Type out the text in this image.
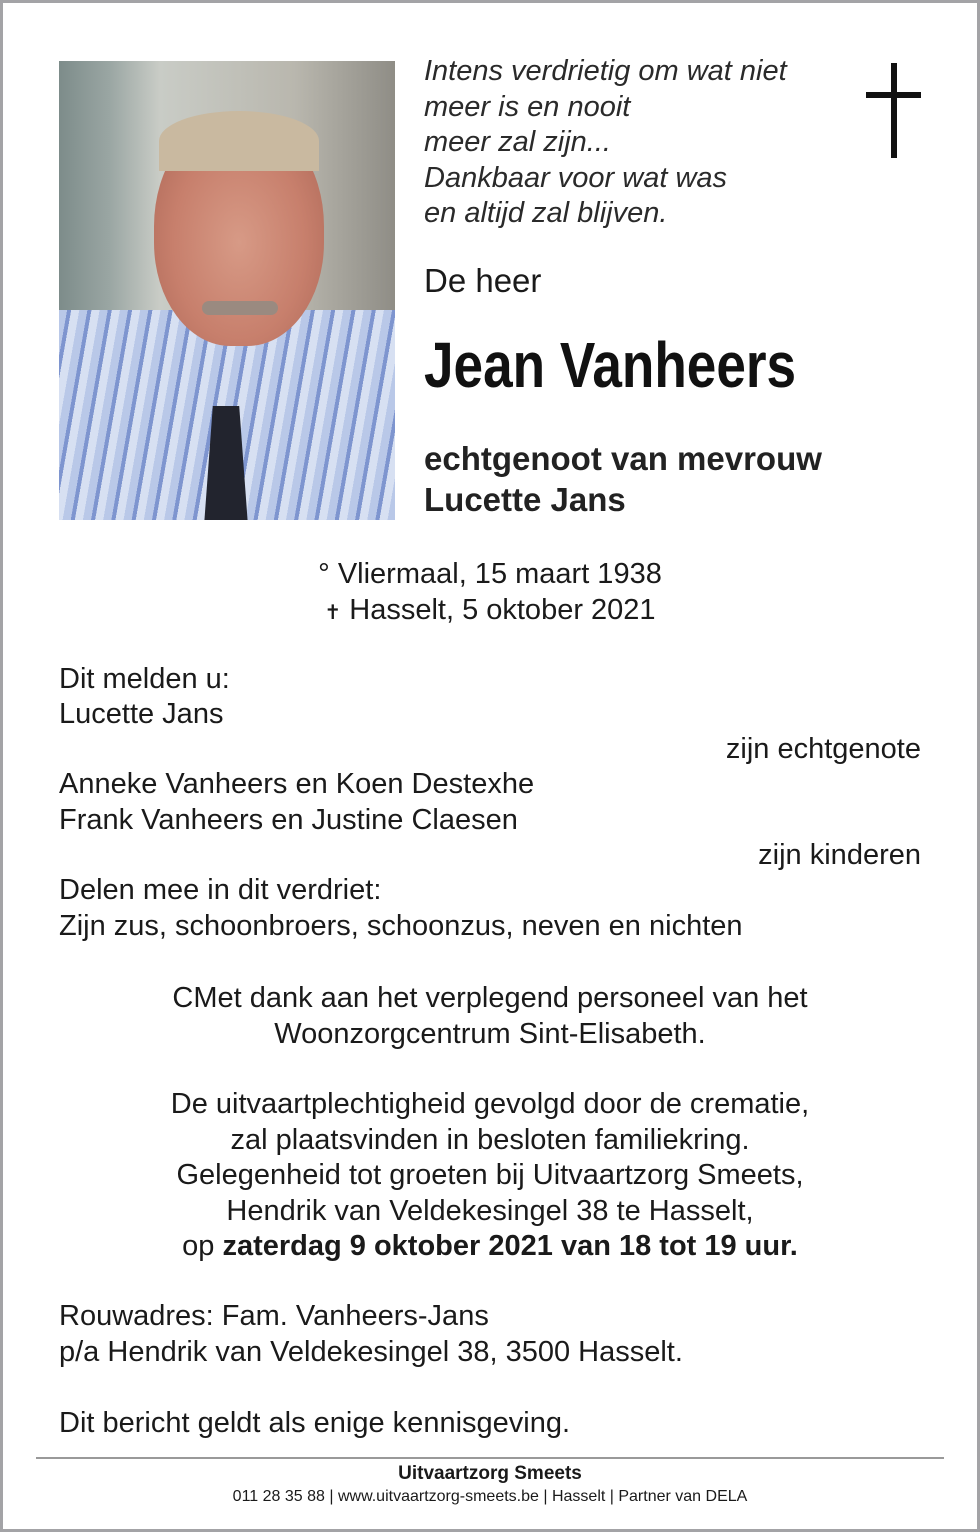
Intens verdrietig om wat niet
meer is en nooit
meer zal zijn...
Dankbaar voor wat was
en altijd zal blijven.
De heer
Jean Vanheers
echtgenoot van mevrouw
Lucette Jans
° Vliermaal, 15 maart 1938
✝ Hasselt, 5 oktober 2021
Dit melden u:
Lucette Jans
zijn echtgenote
Anneke Vanheers en Koen Destexhe
Frank Vanheers en Justine Claesen
zijn kinderen
Delen mee in dit verdriet:
Zijn zus, schoonbroers, schoonzus, neven en nichten
CMet dank aan het verplegend personeel van het
Woonzorgcentrum Sint-Elisabeth.
De uitvaartplechtigheid gevolgd door de crematie,
zal plaatsvinden in besloten familiekring.
Gelegenheid tot groeten bij Uitvaartzorg Smeets,
Hendrik van Veldekesingel 38 te Hasselt,
op zaterdag 9 oktober 2021 van 18 tot 19 uur.
Rouwadres: Fam. Vanheers-Jans
p/a Hendrik van Veldekesingel 38, 3500 Hasselt.
Dit bericht geldt als enige kennisgeving.
Uitvaartzorg Smeets
011 28 35 88 | www.uitvaartzorg-smeets.be | Hasselt | Partner van DELA
